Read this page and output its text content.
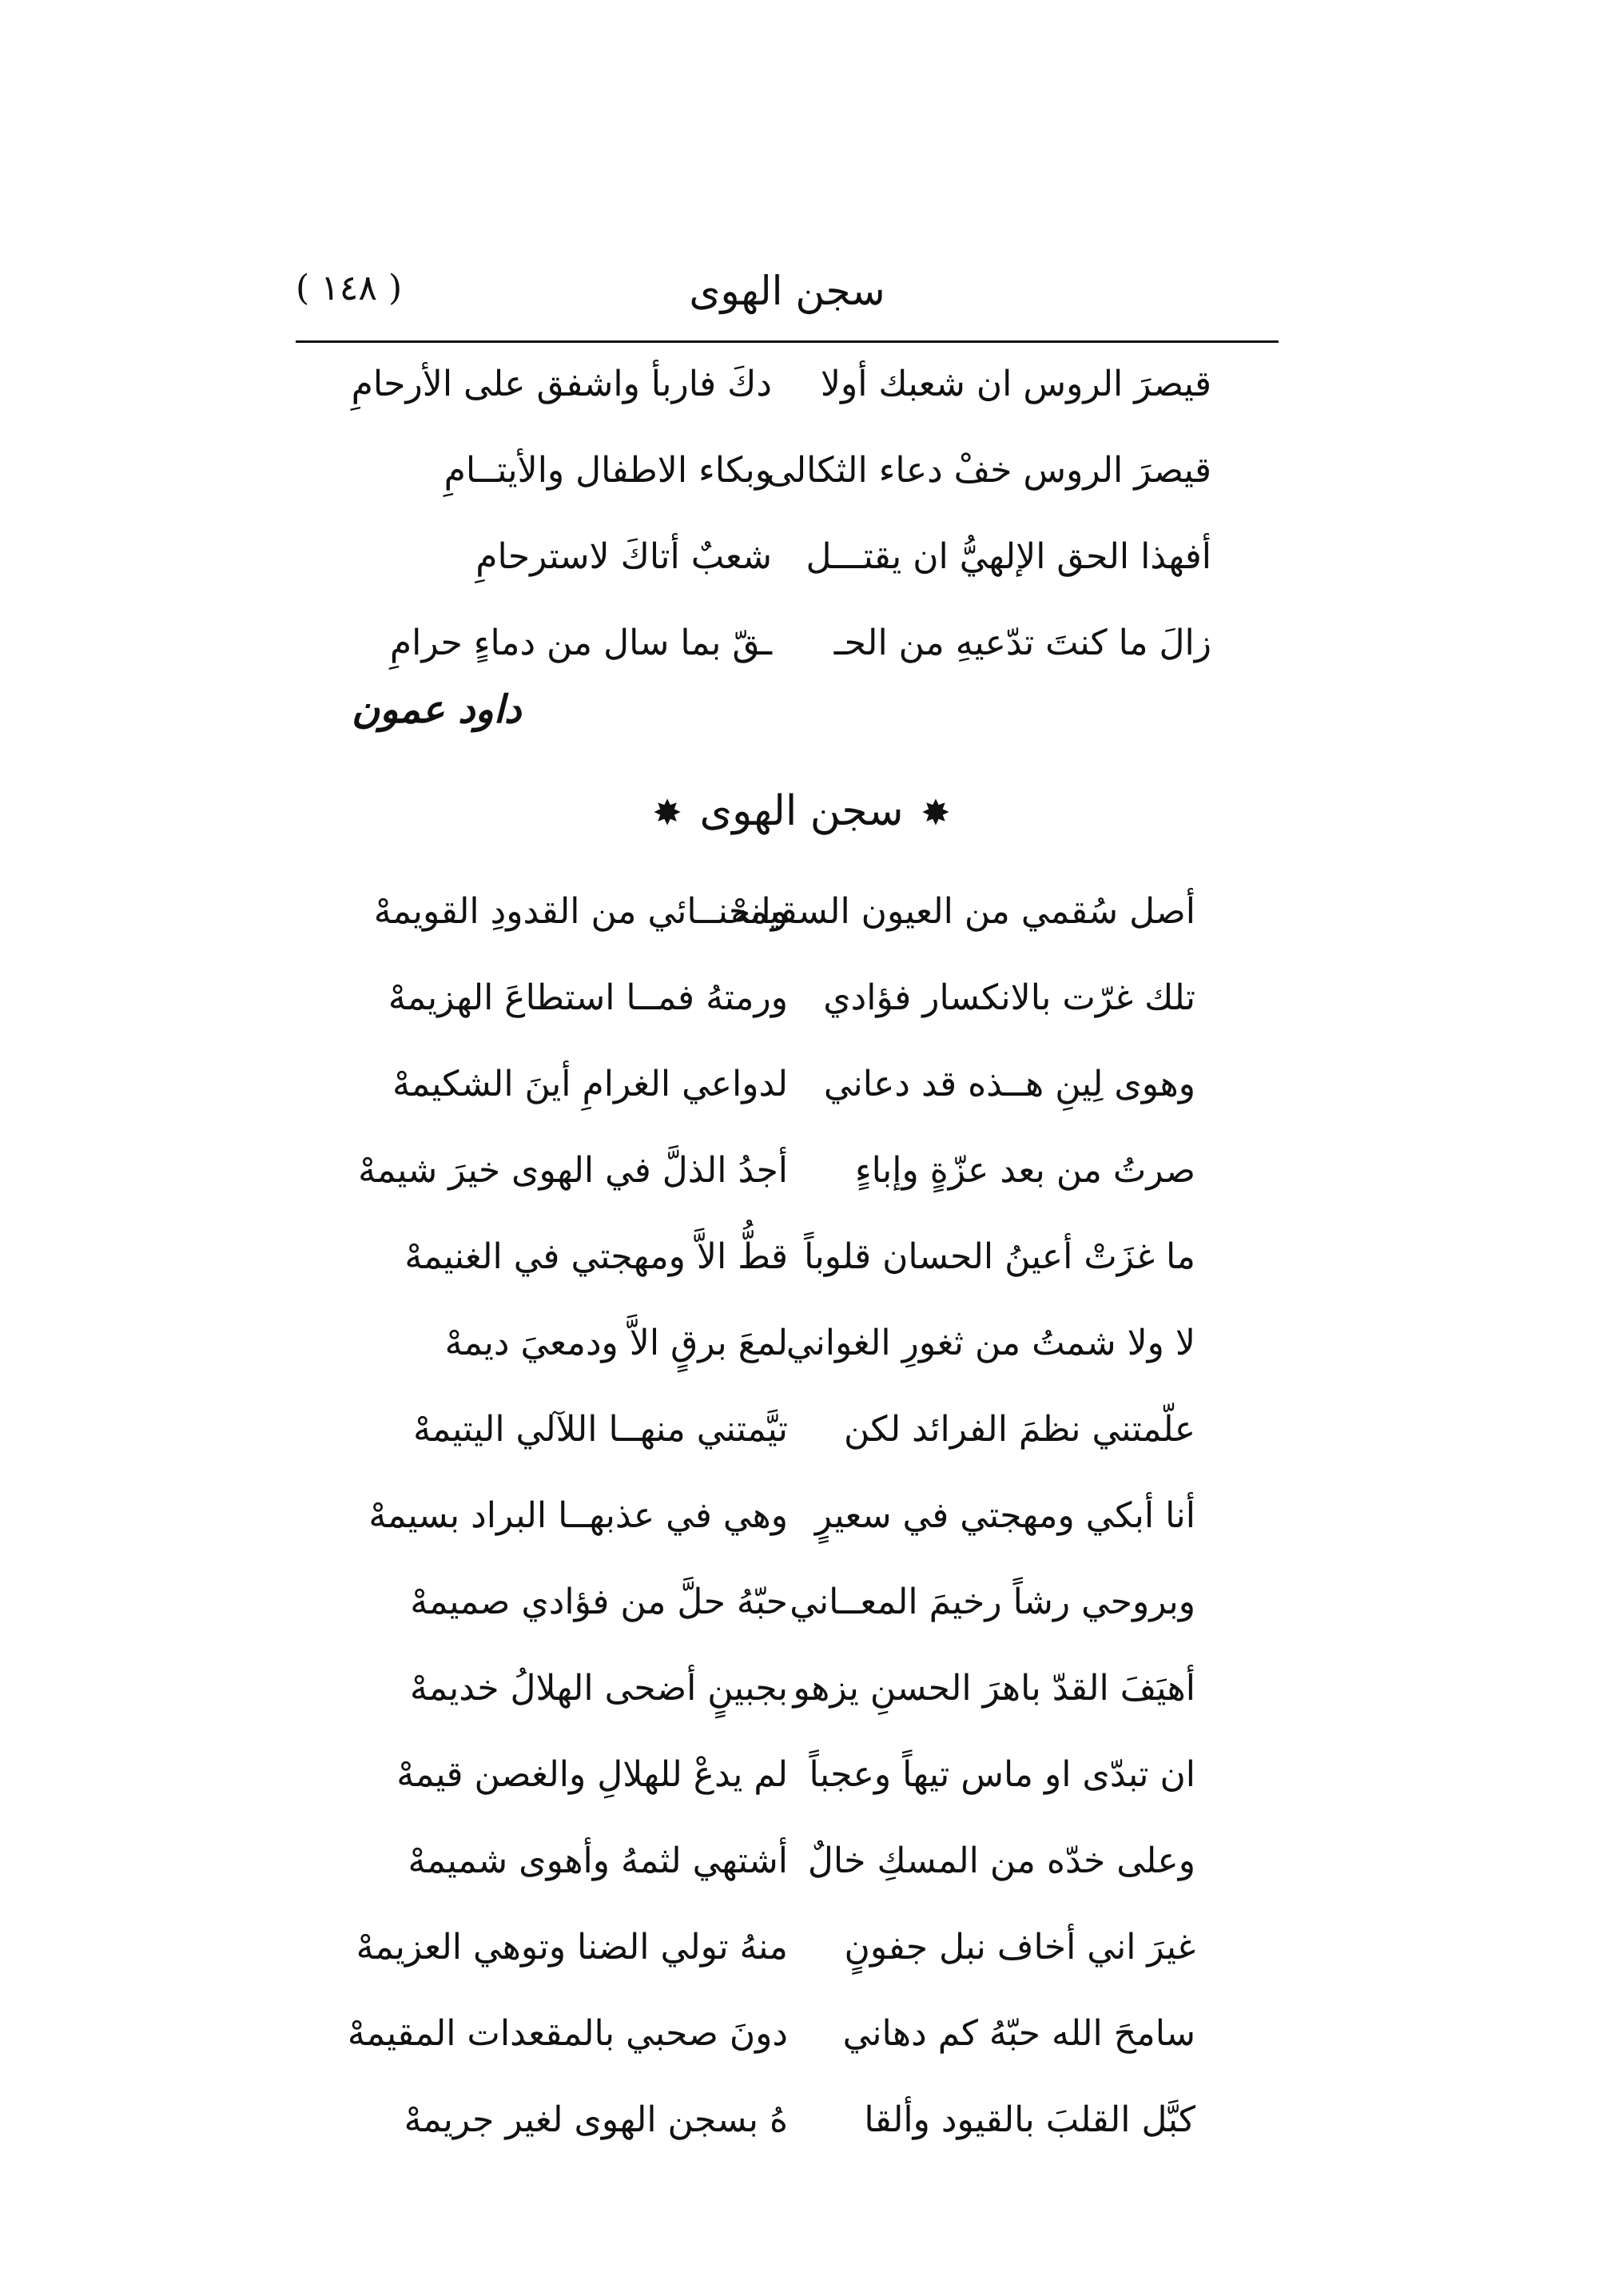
( ١٤٨ )	سجن الهوى
قيصرَ الروس ان شعبك أولا
دكَ فاربأ واشفق على الأرحامِ
قيصرَ الروس خفْ دعاء الثكالى
وبكاء الاطفال والأيتــامِ
أفهذا الحق الإلهيُّ ان يقتـــل
شعبٌ أتاكَ لاسترحامِ
زالَ ما كنتَ تدّعيهِ من الحـ
ـقّ بما سال من دماءٍ حرامِ
داود عمون
✸سجن الهوى✸
أصل سُقمي من العيون السقيمهْ
وانحنــائي من القدودِ القويمهْ
تلك غرّت بالانكسار فؤادي
ورمتهُ فمــا استطاعَ الهزيمهْ
وهوى لِينِ هــذه قد دعاني
لدواعي الغرامِ أينَ الشكيمهْ
صرتُ من بعد عزّةٍ وإباءٍ
أجدُ الذلَّ في الهوى خيرَ شيمهْ
ما غزَتْ أعينُ الحسان قلوباً
قطُّ الاَّ ومهجتي في الغنيمهْ
لا ولا شمتُ من ثغورِ الغواني
لمعَ برقٍ الاَّ ودمعيَ ديمهْ
علّمتني نظمَ الفرائد لكن
تيَّمتني منهــا اللآلي اليتيمهْ
أنا أبكي ومهجتي في سعيرٍ
وهي في عذبهــا البراد بسيمهْ
وبروحي رشاً رخيمَ المعــاني
حبّهُ حلَّ من فؤادي صميمهْ
أهيَفَ القدّ باهرَ الحسنِ يزهو
بجبينٍ أضحى الهلالُ خديمهْ
ان تبدّى او ماس تيهاً وعجباً
لم يدعْ للهلالِ والغصن قيمهْ
وعلى خدّه من المسكِ خالٌ
أشتهي لثمهُ وأهوى شميمهْ
غيرَ اني أخاف نبل جفونٍ
منهُ تولي الضنا وتوهي العزيمهْ
سامحَ الله حبّهُ كم دهاني
دونَ صحبي بالمقعدات المقيمهْ
كبَّل القلبَ بالقيود وألقا
هُ بسجن الهوى لغير جريمهْ
